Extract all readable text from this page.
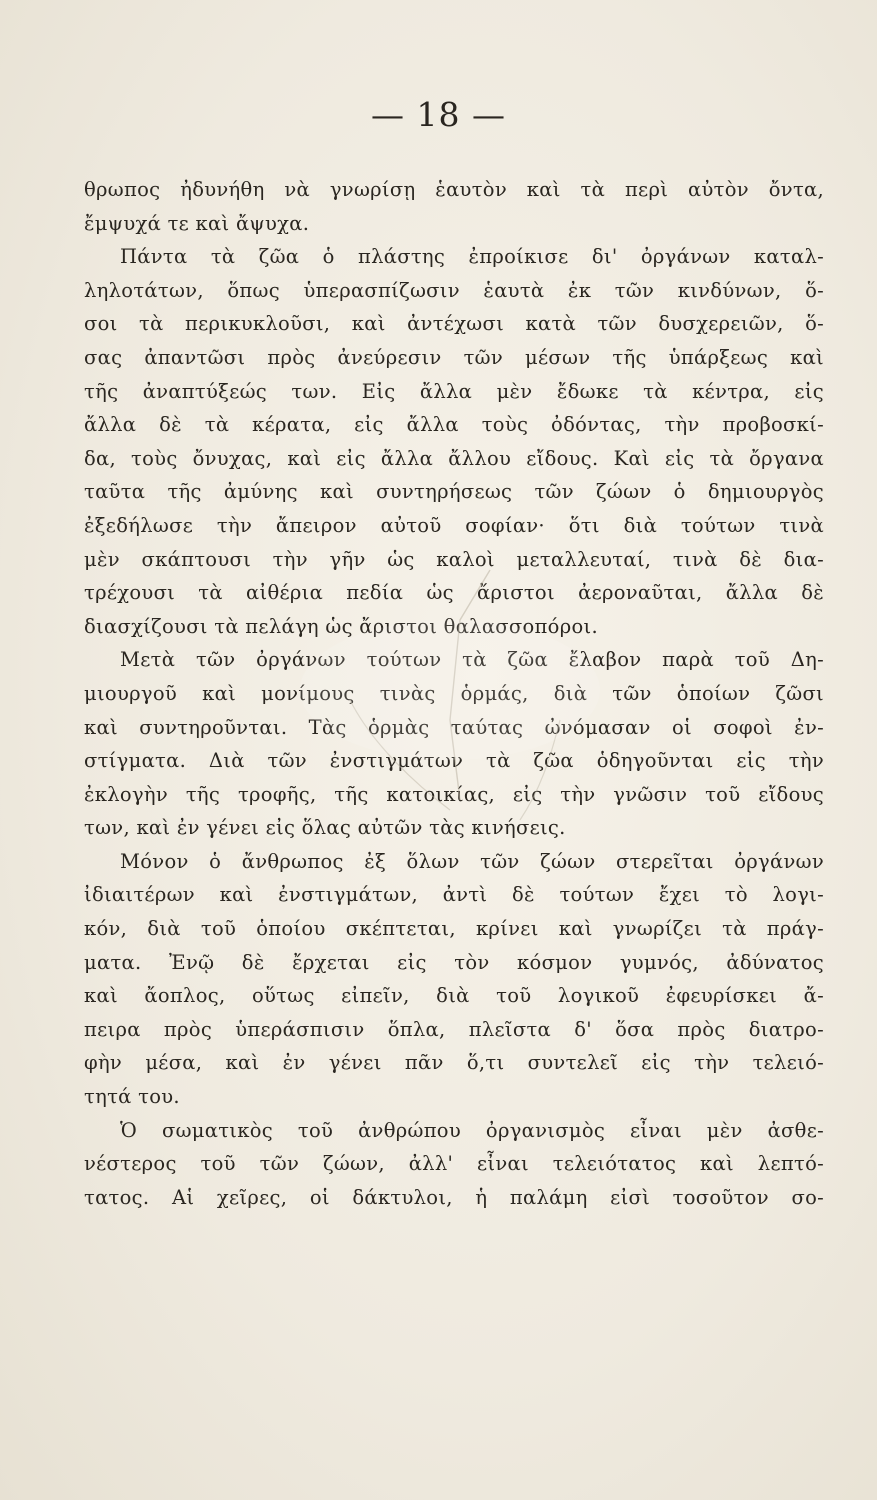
— 18 —
θρωπος ἠδυνήθη νὰ γνωρίσῃ ἑαυτὸν καὶ τὰ περὶ αὐτὸν ὄντα,
ἔμψυχά τε καὶ ἄψυχα.
Πάντα τὰ ζῶα ὁ πλάστης ἐπροίκισε δι' ὀργάνων καταλ-
ληλοτάτων, ὅπως ὑπερασπίζωσιν ἑαυτὰ ἐκ τῶν κινδύνων, ὅ-
σοι τὰ περικυκλοῦσι, καὶ ἀντέχωσι κατὰ τῶν δυσχερειῶν, ὅ-
σας ἀπαντῶσι πρὸς ἀνεύρεσιν τῶν μέσων τῆς ὑπάρξεως καὶ
τῆς ἀναπτύξεώς των. Εἰς ἄλλα μὲν ἔδωκε τὰ κέντρα, εἰς
ἄλλα δὲ τὰ κέρατα, εἰς ἄλλα τοὺς ὀδόντας, τὴν προβοσκί-
δα, τοὺς ὄνυχας, καὶ εἰς ἄλλα ἄλλου εἴδους. Καὶ εἰς τὰ ὄργανα
ταῦτα τῆς ἀμύνης καὶ συντηρήσεως τῶν ζώων ὁ δημιουργὸς
ἐξεδήλωσε τὴν ἄπειρον αὐτοῦ σοφίαν· ὅτι διὰ τούτων τινὰ
μὲν σκάπτουσι τὴν γῆν ὡς καλοὶ μεταλλευταί, τινὰ δὲ δια-
τρέχουσι τὰ αἰθέρια πεδία ὡς ἄριστοι ἀεροναῦται, ἄλλα δὲ
διασχίζουσι τὰ πελάγη ὡς ἄριστοι θαλασσοπόροι.
Μετὰ τῶν ὀργάνων τούτων τὰ ζῶα ἔλαβον παρὰ τοῦ Δη-
μιουργοῦ καὶ μονίμους τινὰς ὁρμάς, διὰ τῶν ὁποίων ζῶσι
καὶ συντηροῦνται. Τὰς ὁρμὰς ταύτας ὠνόμασαν οἱ σοφοὶ ἐν-
στίγματα. Διὰ τῶν ἐνστιγμάτων τὰ ζῶα ὁδηγοῦνται εἰς τὴν
ἐκλογὴν τῆς τροφῆς, τῆς κατοικίας, εἰς τὴν γνῶσιν τοῦ εἴδους
των, καὶ ἐν γένει εἰς ὅλας αὐτῶν τὰς κινήσεις.
Μόνον ὁ ἄνθρωπος ἐξ ὅλων τῶν ζώων στερεῖται ὀργάνων
ἰδιαιτέρων καὶ ἐνστιγμάτων, ἀντὶ δὲ τούτων ἔχει τὸ λογι-
κόν, διὰ τοῦ ὁποίου σκέπτεται, κρίνει καὶ γνωρίζει τὰ πράγ-
ματα. Ἐνῷ δὲ ἔρχεται εἰς τὸν κόσμον γυμνός, ἀδύνατος
καὶ ἄοπλος, οὕτως εἰπεῖν, διὰ τοῦ λογικοῦ ἐφευρίσκει ἄ-
πειρα πρὸς ὑπεράσπισιν ὅπλα, πλεῖστα δ' ὅσα πρὸς διατρο-
φὴν μέσα, καὶ ἐν γένει πᾶν ὅ,τι συντελεῖ εἰς τὴν τελειό-
τητά του.
Ὁ σωματικὸς τοῦ ἀνθρώπου ὀργανισμὸς εἶναι μὲν ἀσθε-
νέστερος τοῦ τῶν ζώων, ἀλλ' εἶναι τελειότατος καὶ λεπτό-
τατος. Αἱ χεῖρες, οἱ δάκτυλοι, ἡ παλάμη εἰσὶ τοσοῦτον σο-
